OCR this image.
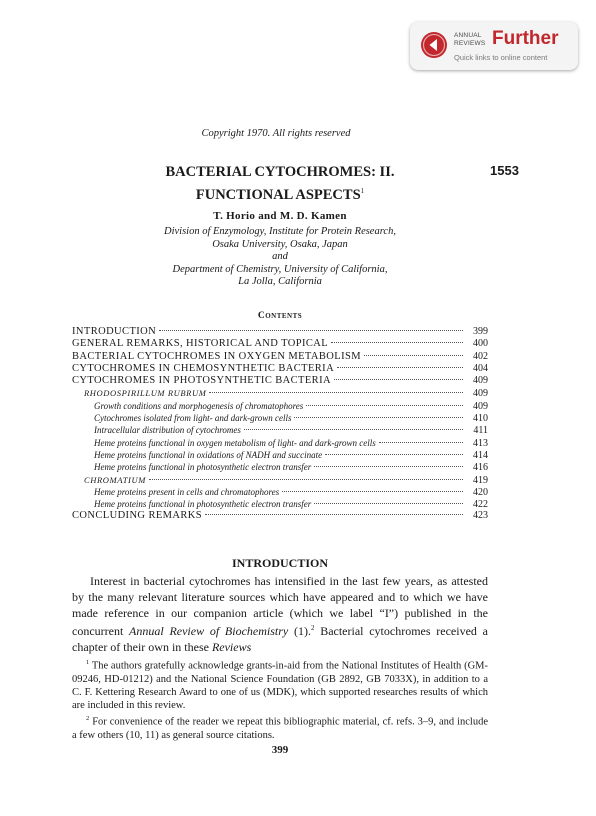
ANNUAL REVIEWS Further
Quick links to online content
Copyright 1970. All rights reserved
1553
BACTERIAL CYTOCHROMES: II.
FUNCTIONAL ASPECTS$^1$
T. Horio and M. D. Kamen
Division of Enzymology, Institute for Protein Research,
Osaka University, Osaka, Japan
and
Department of Chemistry, University of California,
La Jolla, California
Contents
INTRODUCTION	399
GENERAL REMARKS, HISTORICAL AND TOPICAL	400
BACTERIAL CYTOCHROMES IN OXYGEN METABOLISM	402
CYTOCHROMES IN CHEMOSYNTHETIC BACTERIA	404
CYTOCHROMES IN PHOTOSYNTHETIC BACTERIA	409
RHODOSPIRILLUM RUBRUM	409
Growth conditions and morphogenesis of chromatophores	409
Cytochromes isolated from light- and dark-grown cells	410
Intracellular distribution of cytochromes	411
Heme proteins functional in oxygen metabolism of light- and dark-grown cells	413
Heme proteins functional in oxidations of NADH and succinate	414
Heme proteins functional in photosynthetic electron transfer	416
CHROMATIUM	419
Heme proteins present in cells and chromatophores	420
Heme proteins functional in photosynthetic electron transfer	422
CONCLUDING REMARKS	423
INTRODUCTION

Interest in bacterial cytochromes has intensified in the last few years, as attested by the many relevant literature sources which have appeared and to which we have made reference in our companion article (which we label “I”) published in the concurrent Annual Review of Biochemistry (1).$^2$ Bacterial cytochromes received a chapter of their own in these Reviews

$^1$ The authors gratefully acknowledge grants-in-aid from the National Institutes of Health (GM-09246, HD-01212) and the National Science Foundation (GB 2892, GB 7033X), in addition to a C. F. Kettering Research Award to one of us (MDK), which supported researches results of which are included in this review.

$^2$ For convenience of the reader we repeat this bibliographic material, cf. refs. 3–9, and include a few others (10, 11) as general source citations.

399
